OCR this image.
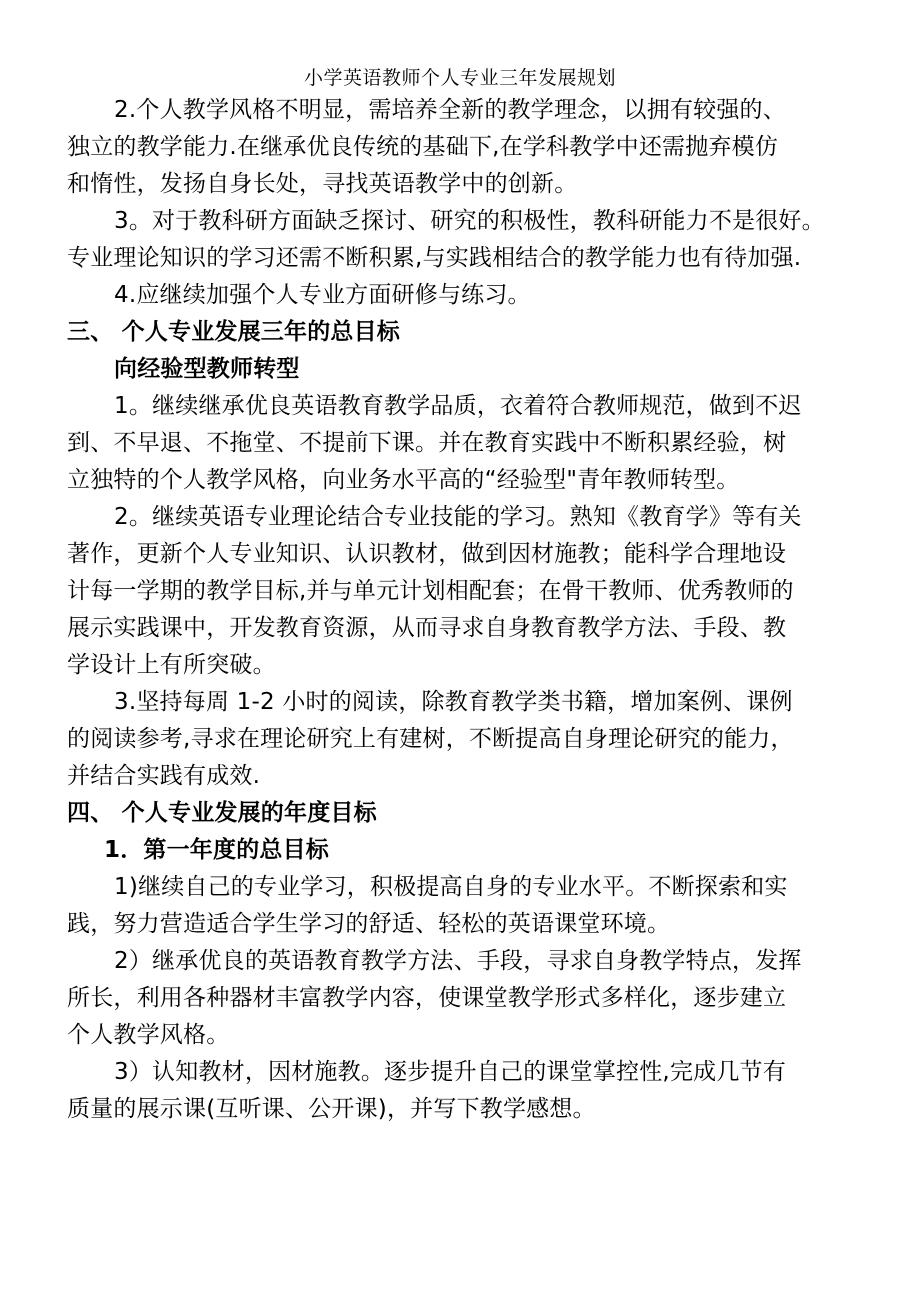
小学英语教师个人专业三年发展规划
2.个人教学风格不明显，需培养全新的教学理念，以拥有较强的、
独立的教学能力.在继承优良传统的基础下,在学科教学中还需抛弃模仿
和惰性，发扬自身长处，寻找英语教学中的创新。
3。对于教科研方面缺乏探讨、研究的积极性，教科研能力不是很好。
专业理论知识的学习还需不断积累,与实践相结合的教学能力也有待加强.
4.应继续加强个人专业方面研修与练习。
三、 个人专业发展三年的总目标
向经验型教师转型
1。继续继承优良英语教育教学品质，衣着符合教师规范，做到不迟
到、不早退、不拖堂、不提前下课。并在教育实践中不断积累经验，树
立独特的个人教学风格，向业务水平高的“经验型"青年教师转型。
2。继续英语专业理论结合专业技能的学习。熟知《教育学》等有关
著作，更新个人专业知识、认识教材，做到因材施教；能科学合理地设
计每一学期的教学目标,并与单元计划相配套；在骨干教师、优秀教师的
展示实践课中，开发教育资源，从而寻求自身教育教学方法、手段、教
学设计上有所突破。
3.坚持每周 1-2 小时的阅读，除教育教学类书籍，增加案例、课例
的阅读参考,寻求在理论研究上有建树，不断提高自身理论研究的能力，
并结合实践有成效.
四、 个人专业发展的年度目标
1．第一年度的总目标
1)继续自己的专业学习，积极提高自身的专业水平。不断探索和实
践，努力营造适合学生学习的舒适、轻松的英语课堂环境。
2）继承优良的英语教育教学方法、手段，寻求自身教学特点，发挥
所长，利用各种器材丰富教学内容，使课堂教学形式多样化，逐步建立
个人教学风格。
3）认知教材，因材施教。逐步提升自己的课堂掌控性,完成几节有
质量的展示课(互听课、公开课)，并写下教学感想。
